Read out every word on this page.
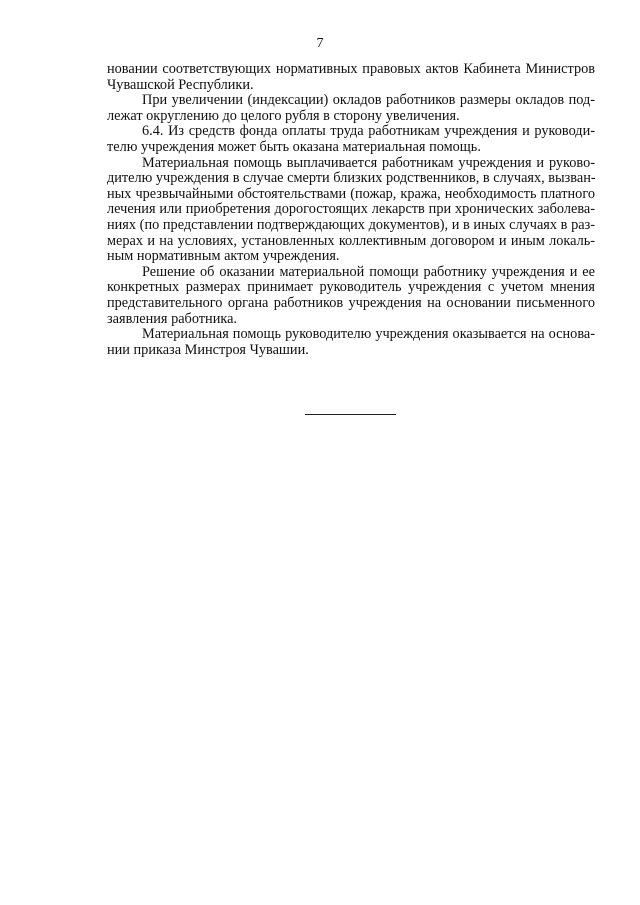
7

новании соответствующих нормативных правовых актов Кабинета Министров
Чувашской Республики.

При увеличении (индексации) окладов работников размеры окладов под-
лежат округлению до целого рубля в сторону увеличения.

6.4. Из средств фонда оплаты труда работникам учреждения и руководи-
телю учреждения может быть оказана материальная помощь.

Материальная помощь выплачивается работникам учреждения и руково-
дителю учреждения в случае смерти близких родственников, в случаях, вызван-
ных чрезвычайными обстоятельствами (пожар, кража, необходимость платного
лечения или приобретения дорогостоящих лекарств при хронических заболева-
ниях (по представлении подтверждающих документов), и в иных случаях в раз-
мерах и на условиях, установленных коллективным договором и иным локаль-
ным нормативным актом учреждения.

Решение об оказании материальной помощи работнику учреждения и ее
конкретных размерах принимает руководитель учреждения с учетом мнения
представительного органа работников учреждения на основании письменного
заявления работника.

Материальная помощь руководителю учреждения оказывается на основа-
нии приказа Минстроя Чувашии.
